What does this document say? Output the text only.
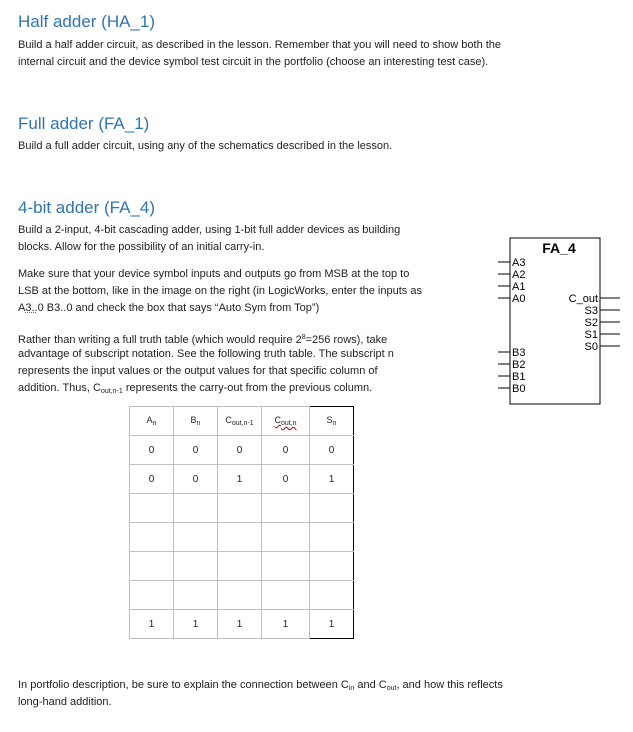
Half adder (HA_1)

Build a half adder circuit, as described in the lesson. Remember that you will need to show both the

internal circuit and the device symbol test circuit in the portfolio (choose an interesting test case).

Full adder (FA_1)

Build a full adder circuit, using any of the schematics described in the lesson.

4-bit adder (FA_4)

Build a 2-input, 4-bit cascading adder, using 1-bit full adder devices as building

blocks. Allow for the possibility of an initial carry-in.

Make sure that your device symbol inputs and outputs go from MSB at the top to

LSB at the bottom, like in the image on the right (in LogicWorks, enter the inputs as

A3..0 B3..0 and check the box that says “Auto Sym from Top”)

Rather than writing a full truth table (which would require $2^8=256$ rows), take

advantage of subscript notation. See the following truth table. The subscript n

represents the input values or the output values for that specific column of

addition. Thus, $C_{out,n-1}$ represents the carry-out from the previous column.

FA_4
A3
A2
A1
A0
B3
B2
B1
B0
C_out
S3
S2
S1
S0
$A_n$	$B_n$	$C_{out,n-1}$	$C_{out,n}$	$S_n$
0	0	0	0	0
0	0	1	0	1

1	1	1	1	1

In portfolio description, be sure to explain the connection between $C_{in}$ and $C_{out}$, and how this reflects

long-hand addition.
